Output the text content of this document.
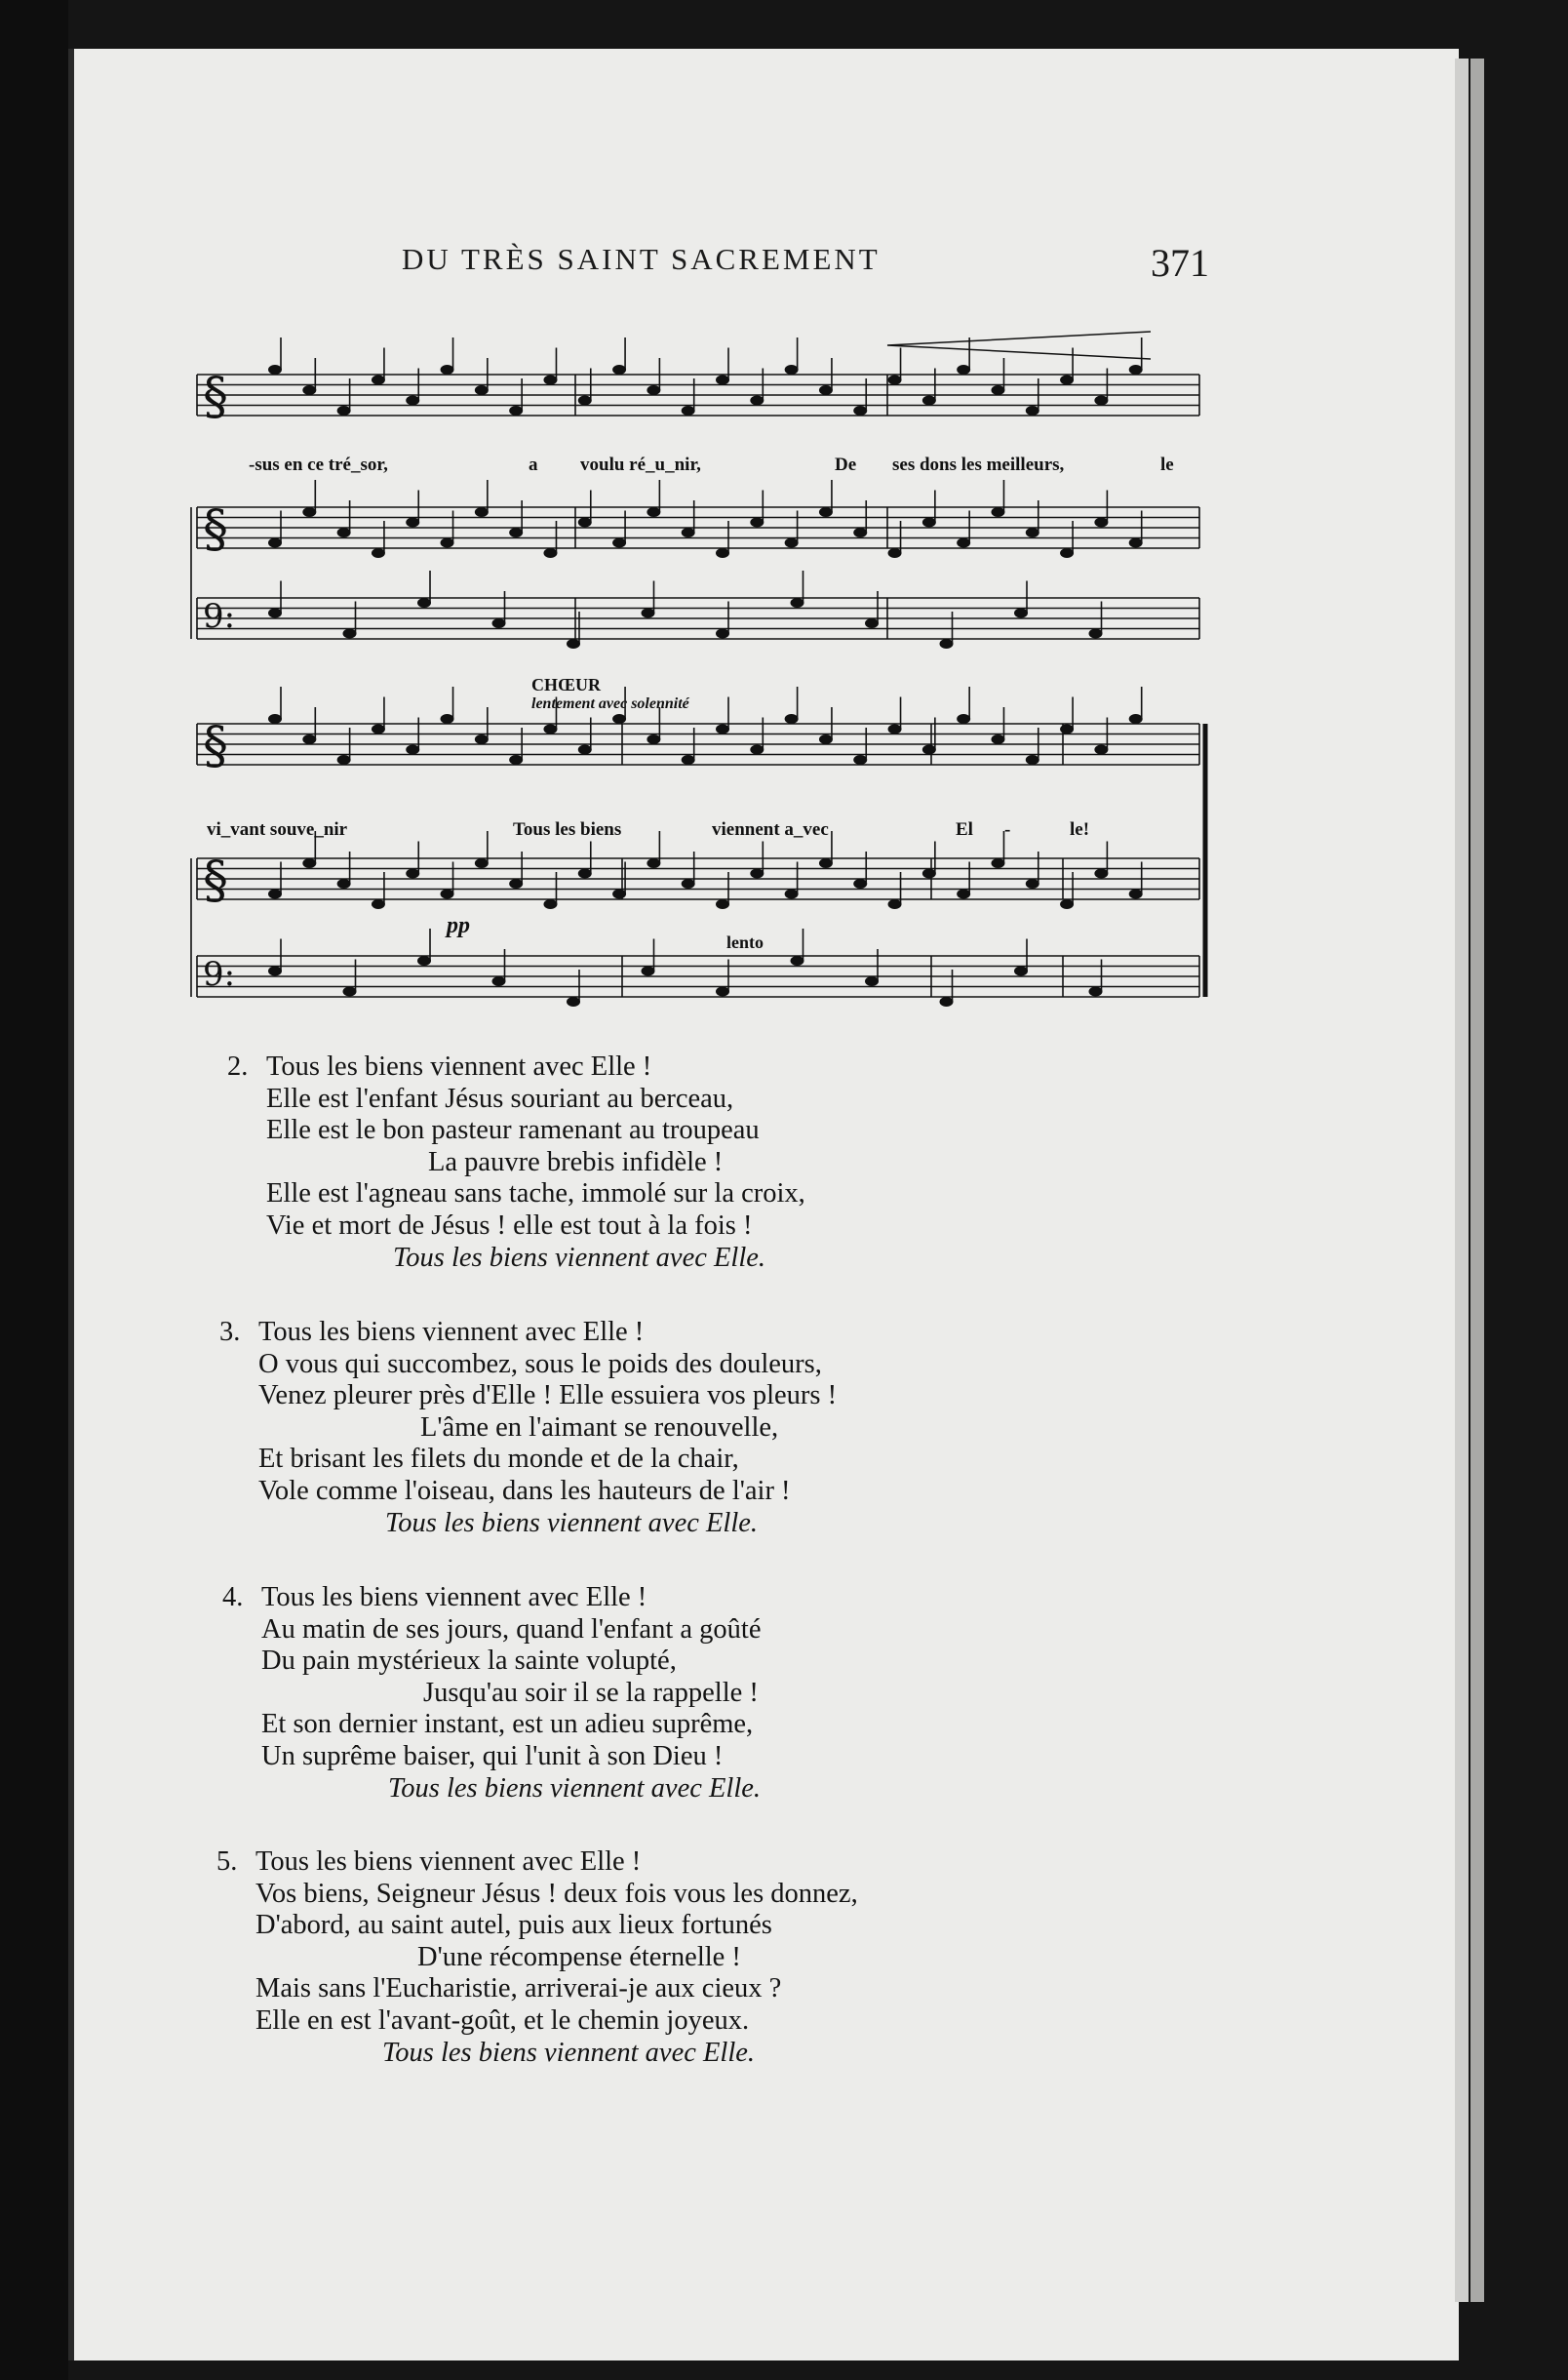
DU TRÈS SAINT SACREMENT	371
§
§
9:
§
§
9:
-sus en ce tré_sor,	a voulu ré_u_nir,	De ses dons les meilleurs,	le
CHŒUR
lentement avec solennité
vi_vant souve_nir	Tous les biens	viennent a_vec	El -	le!
pp
lento
2. Tous les biens viennent avec Elle !
Elle est l'enfant Jésus souriant au berceau,
Elle est le bon pasteur ramenant au troupeau
La pauvre brebis infidèle !
Elle est l'agneau sans tache, immolé sur la croix,
Vie et mort de Jésus ! elle est tout à la fois !
Tous les biens viennent avec Elle.
3. Tous les biens viennent avec Elle !
O vous qui succombez, sous le poids des douleurs,
Venez pleurer près d'Elle ! Elle essuiera vos pleurs !
L'âme en l'aimant se renouvelle,
Et brisant les filets du monde et de la chair,
Vole comme l'oiseau, dans les hauteurs de l'air !
Tous les biens viennent avec Elle.
4. Tous les biens viennent avec Elle !
Au matin de ses jours, quand l'enfant a goûté
Du pain mystérieux la sainte volupté,
Jusqu'au soir il se la rappelle !
Et son dernier instant, est un adieu suprême,
Un suprême baiser, qui l'unit à son Dieu !
Tous les biens viennent avec Elle.
5. Tous les biens viennent avec Elle !
Vos biens, Seigneur Jésus ! deux fois vous les donnez,
D'abord, au saint autel, puis aux lieux fortunés
D'une récompense éternelle !
Mais sans l'Eucharistie, arriverai-je aux cieux ?
Elle en est l'avant-goût, et le chemin joyeux.
Tous les biens viennent avec Elle.
